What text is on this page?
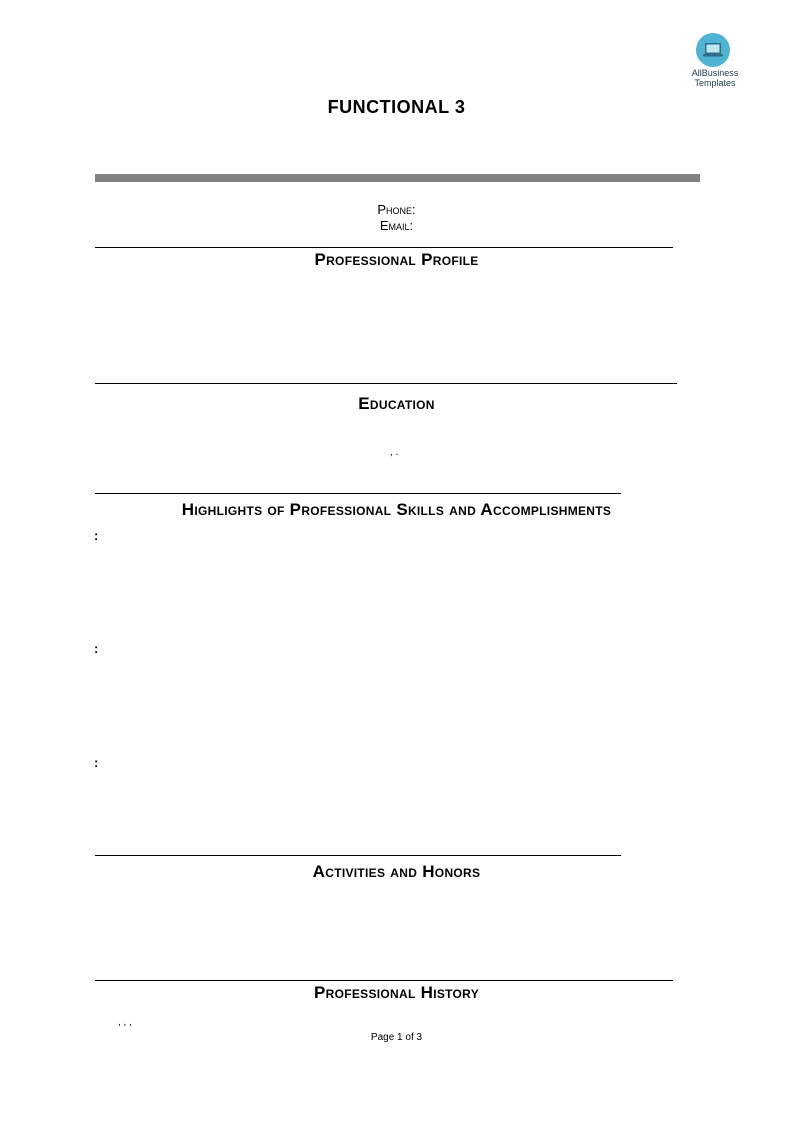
AllBusiness
Templates
FUNCTIONAL 3
Phone:
Email:
Professional Profile
Education
, .
Highlights of Professional Skills and Accomplishments
:
:
:
Activities and Honors
Professional History
, , ,
Page 1 of 3
